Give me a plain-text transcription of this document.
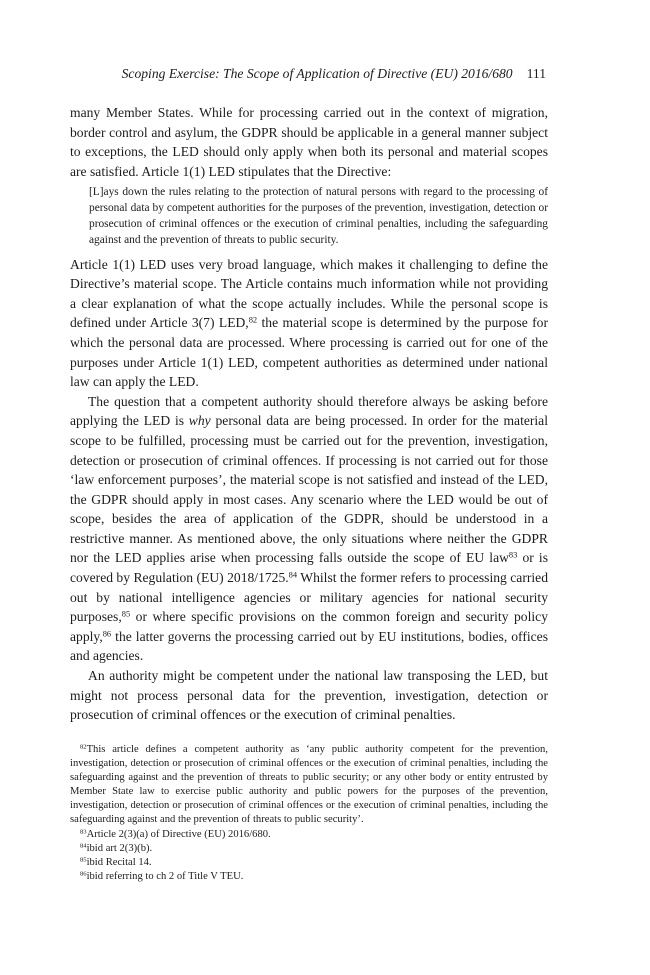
Scoping Exercise: The Scope of Application of Directive (EU) 2016/680 111

many Member States. While for processing carried out in the context of migration, border control and asylum, the GDPR should be applicable in a general manner subject to exceptions, the LED should only apply when both its personal and material scopes are satisfied. Article 1(1) LED stipulates that the Directive:

[L]ays down the rules relating to the protection of natural persons with regard to the processing of personal data by competent authorities for the purposes of the prevention, investigation, detection or prosecution of criminal offences or the execution of criminal penalties, including the safeguarding against and the prevention of threats to public security.

Article 1(1) LED uses very broad language, which makes it challenging to define the Directive’s material scope. The Article contains much information while not providing a clear explanation of what the scope actually includes. While the personal scope is defined under Article 3(7) LED,$^{82}$ the material scope is determined by the purpose for which the personal data are processed. Where processing is carried out for one of the purposes under Article 1(1) LED, competent authorities as determined under national law can apply the LED.

The question that a competent authority should therefore always be asking before applying the LED is why personal data are being processed. In order for the material scope to be fulfilled, processing must be carried out for the prevention, investigation, detection or prosecution of criminal offences. If processing is not carried out for those ‘law enforcement purposes’, the material scope is not satisfied and instead of the LED, the GDPR should apply in most cases. Any scenario where the LED would be out of scope, besides the area of application of the GDPR, should be understood in a restrictive manner. As mentioned above, the only situations where neither the GDPR nor the LED applies arise when processing falls outside the scope of EU law$^{83}$ or is covered by Regulation (EU) 2018/1725.84 Whilst the former refers to processing carried out by national intelligence agencies or military agencies for national security purposes,$^{85}$ or where specific provisions on the common foreign and security policy apply,$^{86}$ the latter governs the processing carried out by EU institutions, bodies, offices and agencies.

An authority might be competent under the national law transposing the LED, but might not process personal data for the prevention, investigation, detection or prosecution of criminal offences or the execution of criminal penalties.

$^{82}$This article defines a competent authority as ‘any public authority competent for the prevention, investigation, detection or prosecution of criminal offences or the execution of criminal penalties, including the safeguarding against and the prevention of threats to public security; or any other body or entity entrusted by Member State law to exercise public authority and public powers for the purposes of the prevention, investigation, detection or prosecution of criminal offences or the execution of criminal penalties, including the safeguarding against and the prevention of threats to public security’.

$^{83}$Article 2(3)(a) of Directive (EU) 2016/680.

$^{84}$ibid art 2(3)(b).

$^{85}$ibid Recital 14.

$^{86}$ibid referring to ch 2 of Title V TEU.
